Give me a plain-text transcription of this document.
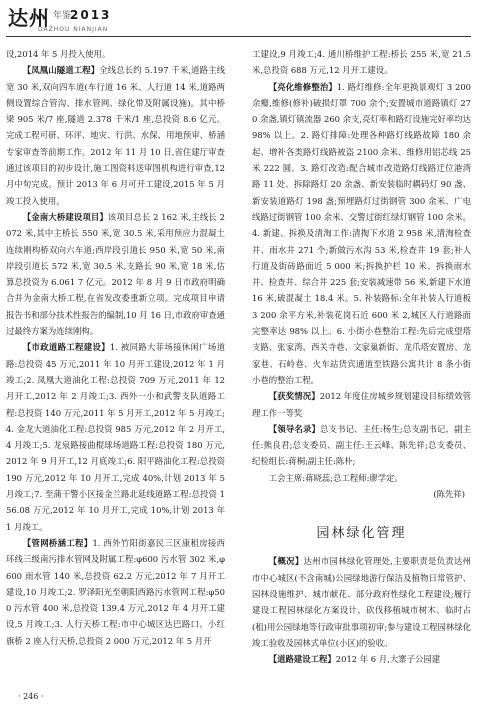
达州 年鉴
2013
DAZHOU NIANJIAN

设,2014 年 5 月投入使用。

【凤凰山隧道工程】全线总长约 5.197 千米,道路主线宽 30 米,双向四车道(车行道 16 米、人行道 14 米,道路两侧设置综合管沟、排水管网、绿化带及附属设施)。其中桥梁 905 米/7 座,隧道 2.378 千米/1 座,总投资 8.6 亿元。完成工程可研、环评、地灾、行洪、水保、用地预审、桥涵专家审查等前期工作。2012 年 11 月 10 日,省住建厅审查通过该项目的初步设计,施工图资料送审图机构进行审查,12 月中旬完成。预计 2013 年 6 月可开工建设,2015 年 5 月竣工投入使用。

【金南大桥建设项目】该项目总长 2 162 米,主线长 2 072 米,其中主桥长 550 米,宽 30.5 米,采用预应力混凝土连续刚构桥双向六车道;西岸段引道长 950 米,宽 50 米,南岸段引道长 572 米,宽 30.5 米,支路长 90 米,宽 18 米,估算总投资为 6.061 7 亿元。2012 年 8 月 9 日市政府明确合并为金南大桥工程,在省发改委重新立项。完成项目申请报告书和部分技术性报告的编制,10 月 16 日,市政府审查通过最终方案为连续刚构。

【市政道路工程建设】1. 被同路大菲场接休闲广场道路:总投资 45 万元,2011 年 10 月开工建设,2012 年 1 月竣工;2. 凤凰大道油化工程:总投资 709 万元,2011 年 12 月开工,2012 年 2 月竣工;3. 西外一小和武警支队道路工程:总投资 140 万元,2011 年 5 月开工,2012 年 5 月竣工;4. 金龙大道油化工程:总投资 985 万元,2012 年 2 月开工,4 月竣工;5. 龙泉路接曲棍球场道路工程:总投资 180 万元,2012 年 9 月开工,12 月底竣工;6. 阳平路油化工程:总投资 190 万元,2012 年 10 月开工,完成 40%,计划 2013 年 5 月竣工;7. 至蒲干警小区接金兰路北延线道路工程:总投资 156.08 万元,2012 年 10 月开工,完成 10%,计划 2013 年 1 月竣工。

【管网桥涵工程】1. 西外竹阳街嘉民三区康租房接西环线三级南污排水管网及附属工程:φ600 污水管 302 米,φ600 雨水管 140 米,总投资 62.2 万元,2012 年 7 月开工建设,10 月竣工;2. 罗泽阳光至朝阳西路污水管网工程:φ500 污水管 400 米,总投资 139.4 万元,2012 年 4 月开工建设,5 月竣工;3. 人行天桥工程:市中心城区达巴路口、小红旗桥 2 座人行天桥,总投资 2 000 万元,2012 年 5 月开

工建设,9 月竣工;4. 通川桥维护工程:桥长 255 米,宽 21.5 米,总投资 688 万元,12 月开工建设。

【亮化维修整治】1. 路灯维修:全年更换景观灯 3 200 余瓣,维修(修补)破损灯罩 700 余个;安置城市道路镇灯 270 余盏,镇灯镇流器 260 余支,亮灯率和路灯设施完好率均达 98% 以上。2. 路灯排障:处理各种路灯线路故障 180 余起、增补各类路灯线路被盗 2100 余米、维修用铝芯线 25 米 222 圆。3. 路灯改造:配合城市改造路灯线路迁位港湾路 11 处、拆除路灯 20 余盏、新安装临时耦码灯 90 盏、新安装道路灯 198 盏;预埋路灯过街钢管 300 余米、广电线路过街钢管 100 余米、交警过街红绿灯钢管 100 余米。4. 新建、拆换及清淘工作:清掏下水道 2 958 米,清淘检查井、雨水井 271 个;新做污水沟 53 米,检查井 19 套;补人行道及街砖路面近 5 000 米;拆换护栏 10 米、拆换雨水井、检查井、综合井 225 套;安装减速带 56 米,新建下水道 16 米,破混凝土 18.4 米。5. 补装路标:全年补装人行道板 3 200 余平方米,补装花岗石近 600 米 2,城区人行道路面完整率达 98% 以上。6. 小街小巷整治工程:先后完成望塔支路、张家湾、西关寺巷、文家巢新街、龙爪塔安置房、龙家巷、石岭巷、火车站货宾通道至铁路公寓共计 8 条小街小巷的整治工程。

【获奖情况】2012 年度住房城乡规划建设目标绩效管理工作一等奖

【领导名录】总支书记、主任:杨生;总支副书记、副主任:熊良君;总支委员、副主任:王云峰、陈先祥;总支委员、纪检组长:蒋桐;副主任:陈朴;

工会主席:蒋晓蕊;总工程师:廖学定。

(陈先祥)

园林绿化管理

【概况】达州市园林绿化管理处,主要职责是负责达州市中心城区(不含南城)公园绿地游行保洁及植物日常管护、园林设施维护、城市献花、部分政府性绿化工程建设;履行建设工程园林绿化方案设计、砍伐移植城市树木、临时占(租)用公园绿地等行政审批事项初审;参与建设工程园林绿化竣工验收及园林式单位(小区)的验收。

【道路建设工程】2012 年 6 月,大寨子公园建

· 246 ·
